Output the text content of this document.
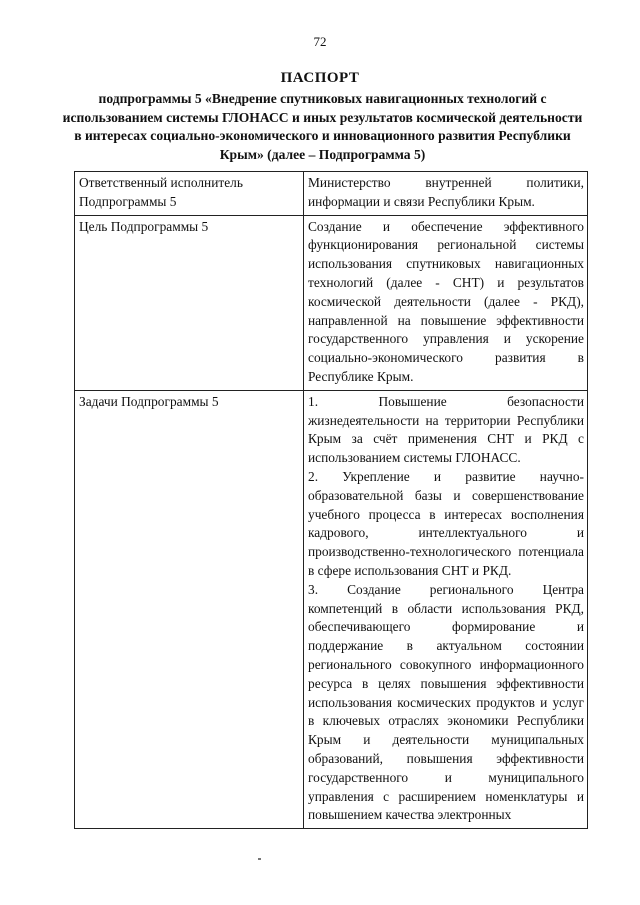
72
ПАСПОРТ
подпрограммы 5 «Внедрение спутниковых навигационных технологий с использованием системы ГЛОНАСС и иных результатов космической деятельности в интересах социально-экономического и инновационного развития Республики Крым» (далее – Подпрограмма 5)
Ответственный исполнитель Подпрограммы 5	Министерство внутренней политики, информации и связи Республики Крым.
Цель Подпрограммы 5	Создание и обеспечение эффективного функционирования региональной системы использования спутниковых навигационных технологий (далее - СНТ) и результатов космической деятельности (далее - РКД), направленной на повышение эффективности государственного управления и ускорение социально-экономического развития в Республике Крым.
Задачи Подпрограммы 5	1. Повышение безопасности жизнедеятельности на территории Республики Крым за счёт применения СНТ и РКД с использованием системы ГЛОНАСС.

2. Укрепление и развитие научно-образовательной базы и совершенствование учебного процесса в интересах восполнения кадрового, интеллектуального и производственно-технологического потенциала в сфере использования СНТ и РКД.

3. Создание регионального Центра компетенций в области использования РКД, обеспечивающего формирование и поддержание в актуальном состоянии регионального совокупного информационного ресурса в целях повышения эффективности использования космических продуктов и услуг в ключевых отраслях экономики Республики Крым и деятельности муниципальных образований, повышения эффективности государственного и муниципального управления с расширением номенклатуры и повышением качества электронных
